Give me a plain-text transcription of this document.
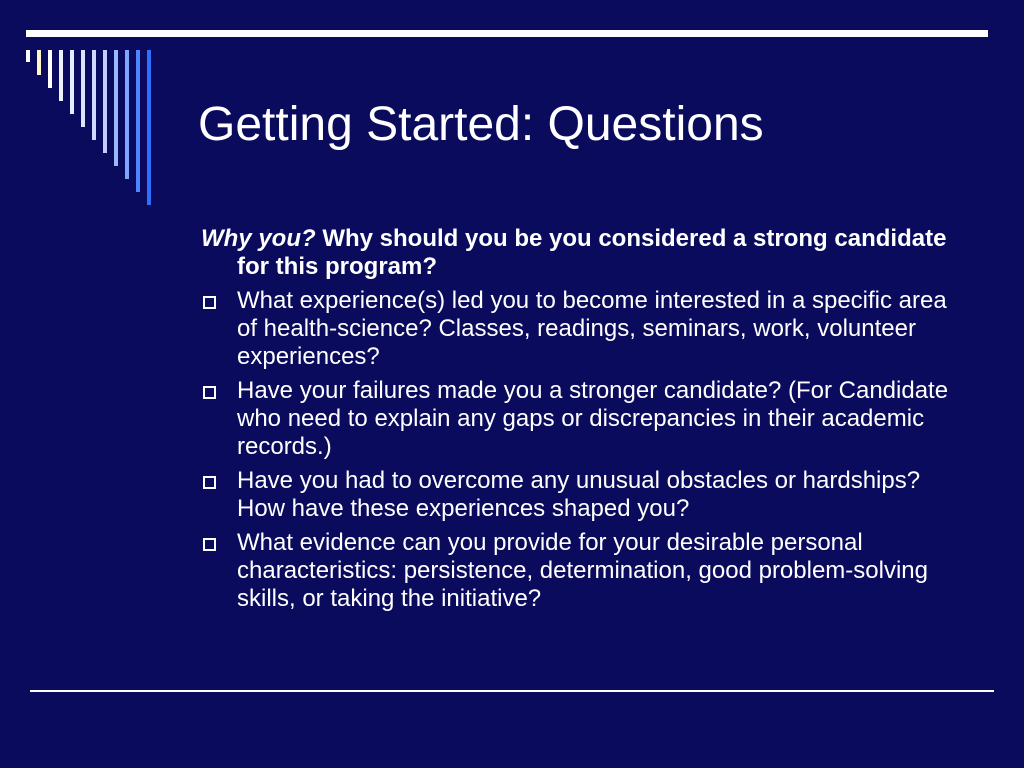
Getting Started: Questions

Why you? Why should you be you considered a strong candidate for this program?

What experience(s) led you to become interested in a specific area of health-science? Classes, readings, seminars, work, volunteer experiences?
Have your failures made you a stronger candidate? (For Candidate who need to explain any gaps or discrepancies in their academic records.)
Have you had to overcome any unusual obstacles or hardships? How have these experiences shaped you?
What evidence can you provide for your desirable personal characteristics: persistence, determination, good problem-solving skills, or taking the initiative?
